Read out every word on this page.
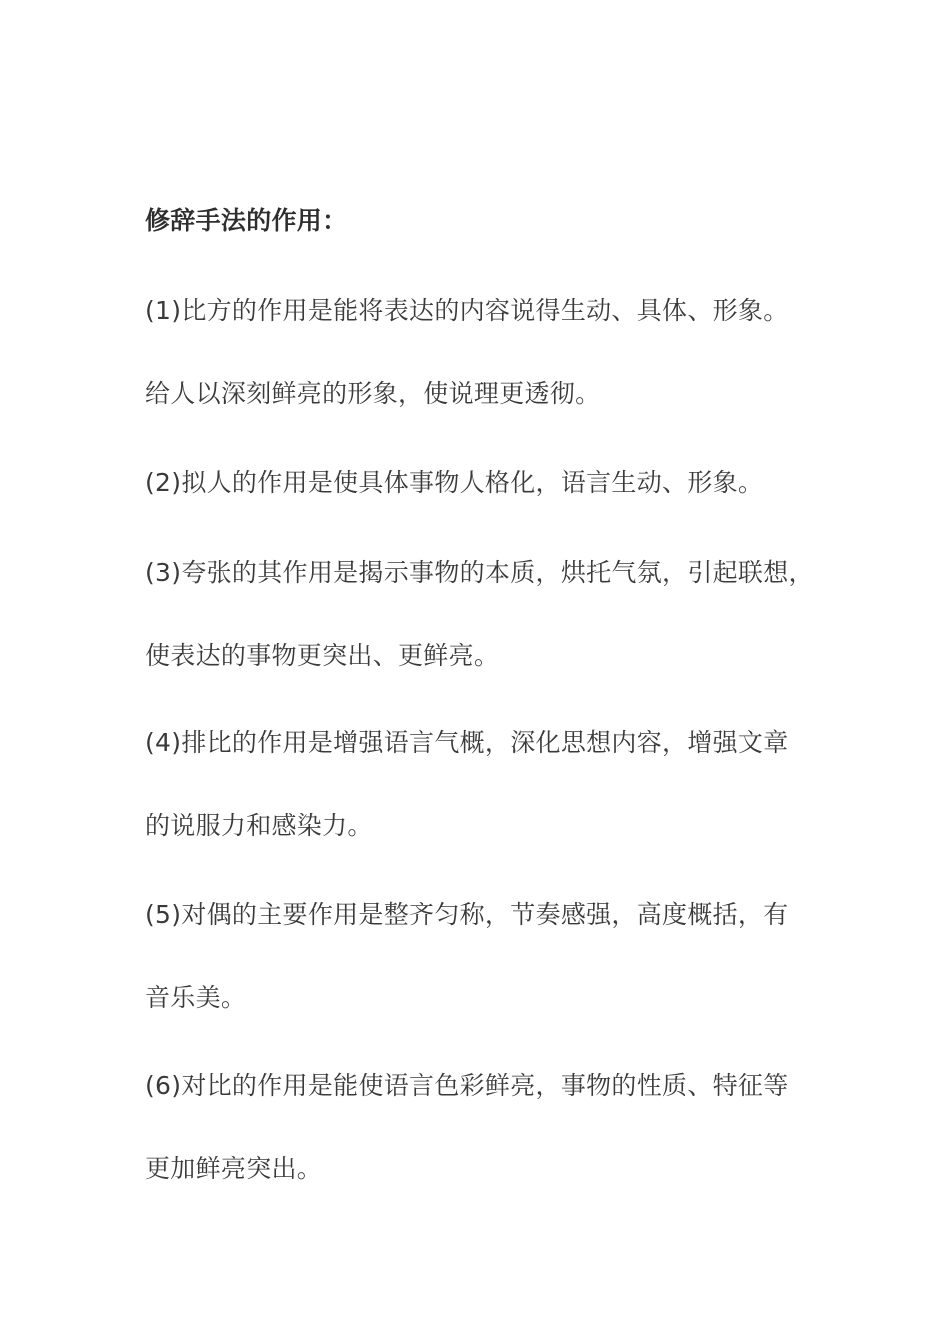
修辞手法的作用：
(1)比方的作用是能将表达的内容说得生动、具体、形象。
给人以深刻鲜亮的形象，使说理更透彻。
(2)拟人的作用是使具体事物人格化，语言生动、形象。
(3)夸张的其作用是揭示事物的本质，烘托气氛，引起联想，
使表达的事物更突出、更鲜亮。
(4)排比的作用是增强语言气概，深化思想内容，增强文章
的说服力和感染力。
(5)对偶的主要作用是整齐匀称，节奏感强，高度概括，有
音乐美。
(6)对比的作用是能使语言色彩鲜亮，事物的性质、特征等
更加鲜亮突出。
